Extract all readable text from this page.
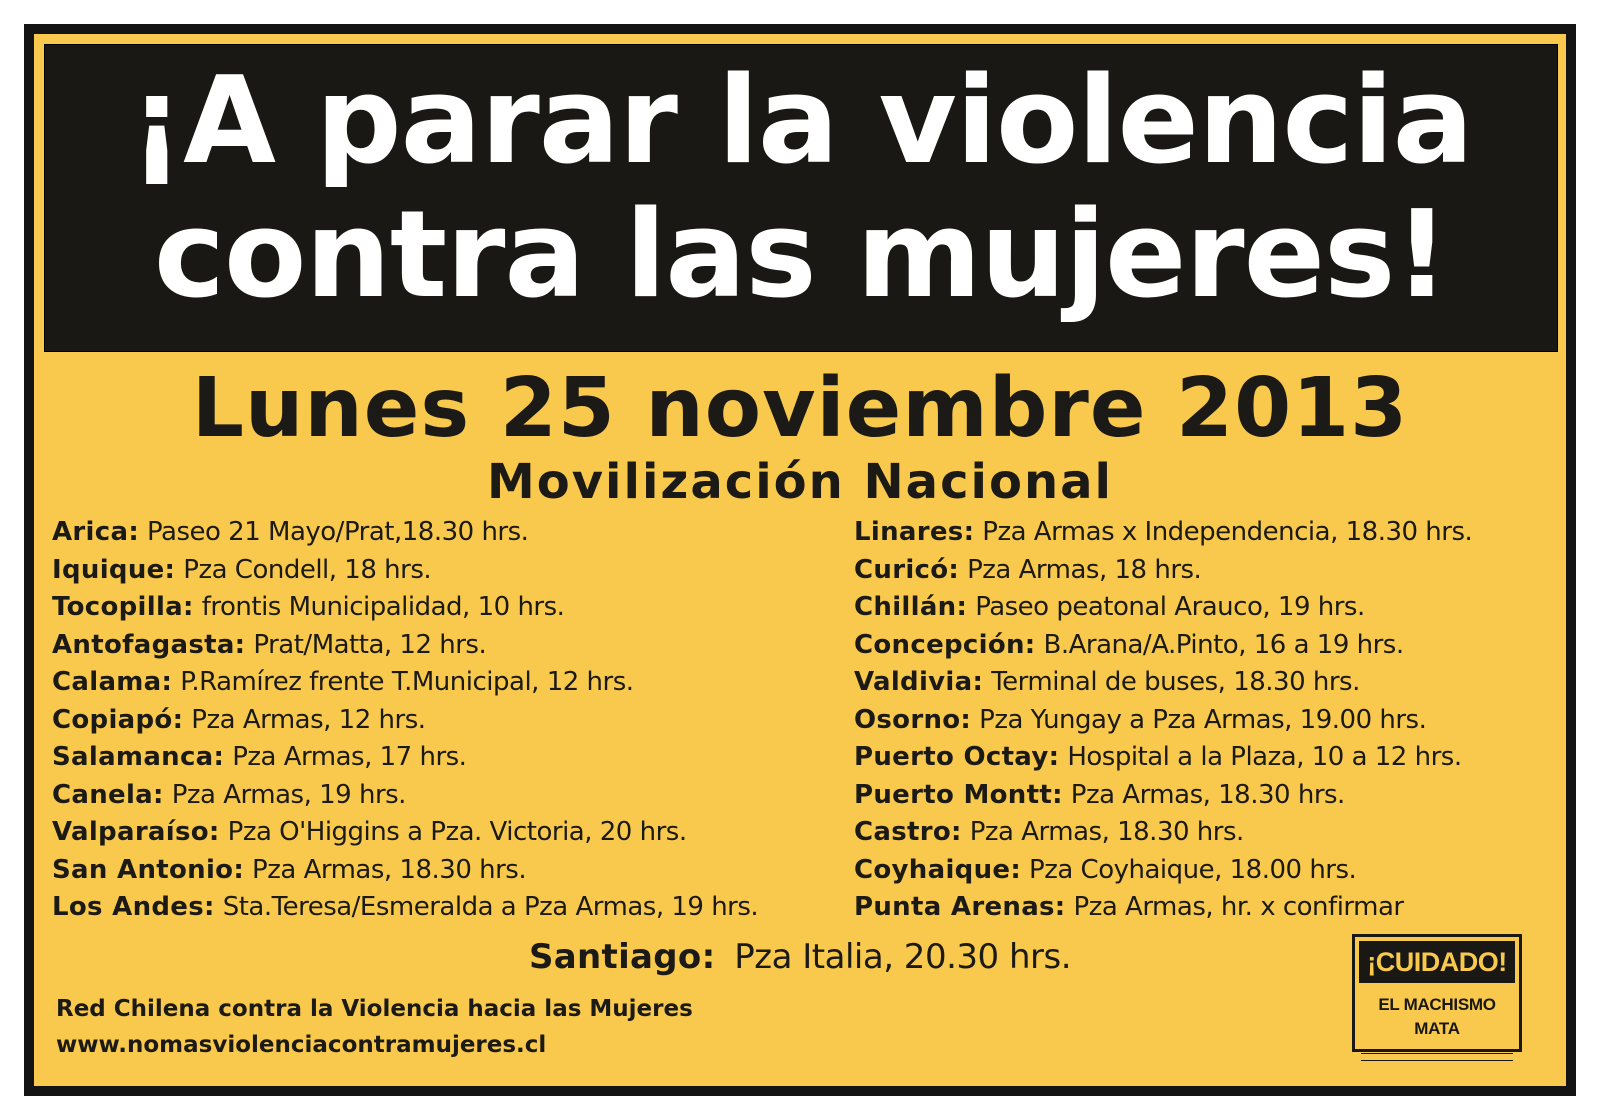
¡A parar la violencia
contra las mujeres!
Lunes 25 noviembre 2013
Movilización Nacional
Arica: Paseo 21 Mayo/Prat,18.30 hrs.
Iquique: Pza Condell, 18 hrs.
Tocopilla: frontis Municipalidad, 10 hrs.
Antofagasta: Prat/Matta, 12 hrs.
Calama: P.Ramírez frente T.Municipal, 12 hrs.
Copiapó: Pza Armas, 12 hrs.
Salamanca: Pza Armas, 17 hrs.
Canela: Pza Armas, 19 hrs.
Valparaíso: Pza O'Higgins a Pza. Victoria, 20 hrs.
San Antonio: Pza Armas, 18.30 hrs.
Los Andes: Sta.Teresa/Esmeralda a Pza Armas, 19 hrs.
Linares: Pza Armas x Independencia, 18.30 hrs.
Curicó: Pza Armas, 18 hrs.
Chillán: Paseo peatonal Arauco, 19 hrs.
Concepción: B.Arana/A.Pinto, 16 a 19 hrs.
Valdivia: Terminal de buses, 18.30 hrs.
Osorno: Pza Yungay a Pza Armas, 19.00 hrs.
Puerto Octay: Hospital a la Plaza, 10 a 12 hrs.
Puerto Montt: Pza Armas, 18.30 hrs.
Castro: Pza Armas, 18.30 hrs.
Coyhaique: Pza Coyhaique, 18.00 hrs.
Punta Arenas: Pza Armas, hr. x confirmar
Santiago: Pza Italia, 20.30 hrs.
Red Chilena contra la Violencia hacia las Mujeres
www.nomasviolenciacontramujeres.cl
¡CUIDADO!
EL MACHISMO MATA
